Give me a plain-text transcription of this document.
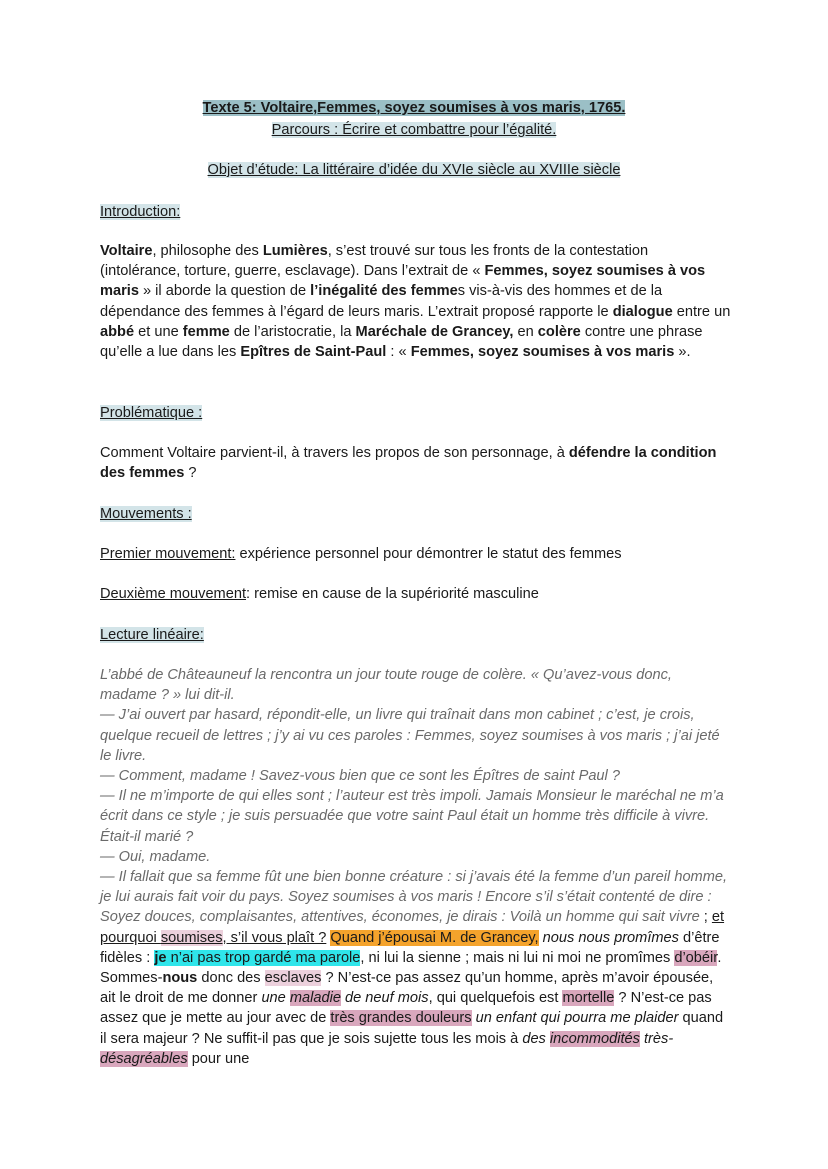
Texte 5: Voltaire,Femmes, soyez soumises à vos maris, 1765.
Parcours : Écrire et combattre pour l’égalité.
Objet d’étude: La littéraire d’idée du XVIe siècle au XVIIIe siècle
Introduction:
Voltaire, philosophe des Lumières, s’est trouvé sur tous les fronts de la contestation (intolérance, torture, guerre, esclavage). Dans l’extrait de « Femmes, soyez soumises à vos maris » il aborde la question de l’inégalité des femmes vis-à-vis des hommes et de la dépendance des femmes à l’égard de leurs maris. L’extrait proposé rapporte le dialogue entre un abbé et une femme de l’aristocratie, la Maréchale de Grancey, en colère contre une phrase qu’elle a lue dans les Epîtres de Saint-Paul : « Femmes, soyez soumises à vos maris ».
Problématique :
Comment Voltaire parvient-il, à travers les propos de son personnage, à défendre la condition des femmes ?
Mouvements :
Premier mouvement: expérience personnel pour démontrer le statut des femmes
Deuxième mouvement: remise en cause de la supériorité masculine
Lecture linéaire:

L’abbé de Châteauneuf la rencontra un jour toute rouge de colère. « Qu’avez-vous donc, madame ? » lui dit-il.

— J’ai ouvert par hasard, répondit-elle, un livre qui traînait dans mon cabinet ; c’est, je crois, quelque recueil de lettres ; j’y ai vu ces paroles : Femmes, soyez soumises à vos maris ; j’ai jeté le livre.

— Comment, madame ! Savez-vous bien que ce sont les Épîtres de saint Paul ?

— Il ne m’importe de qui elles sont ; l’auteur est très impoli. Jamais Monsieur le maréchal ne m’a écrit dans ce style ; je suis persuadée que votre saint Paul était un homme très difficile à vivre. Était-il marié ?

— Oui, madame.

— Il fallait que sa femme fût une bien bonne créature : si j’avais été la femme d’un pareil homme, je lui aurais fait voir du pays. Soyez soumises à vos maris ! Encore s’il s’était contenté de dire : Soyez douces, complaisantes, attentives, économes, je dirais : Voilà un homme qui sait vivre ; et pourquoi soumises, s’il vous plaît ? Quand j’épousai M. de Grancey, nous nous promîmes d’être fidèles : je n’ai pas trop gardé ma parole, ni lui la sienne ; mais ni lui ni moi ne promîmes d’obéir. Sommes-nous donc des esclaves ? N’est-ce pas assez qu’un homme, après m’avoir épousée, ait le droit de me donner une maladie de neuf mois, qui quelquefois est mortelle ? N’est-ce pas assez que je mette au jour avec de très grandes douleurs un enfant qui pourra me plaider quand il sera majeur ? Ne suffit-il pas que je sois sujette tous les mois à des incommodités très-désagréables pour une
